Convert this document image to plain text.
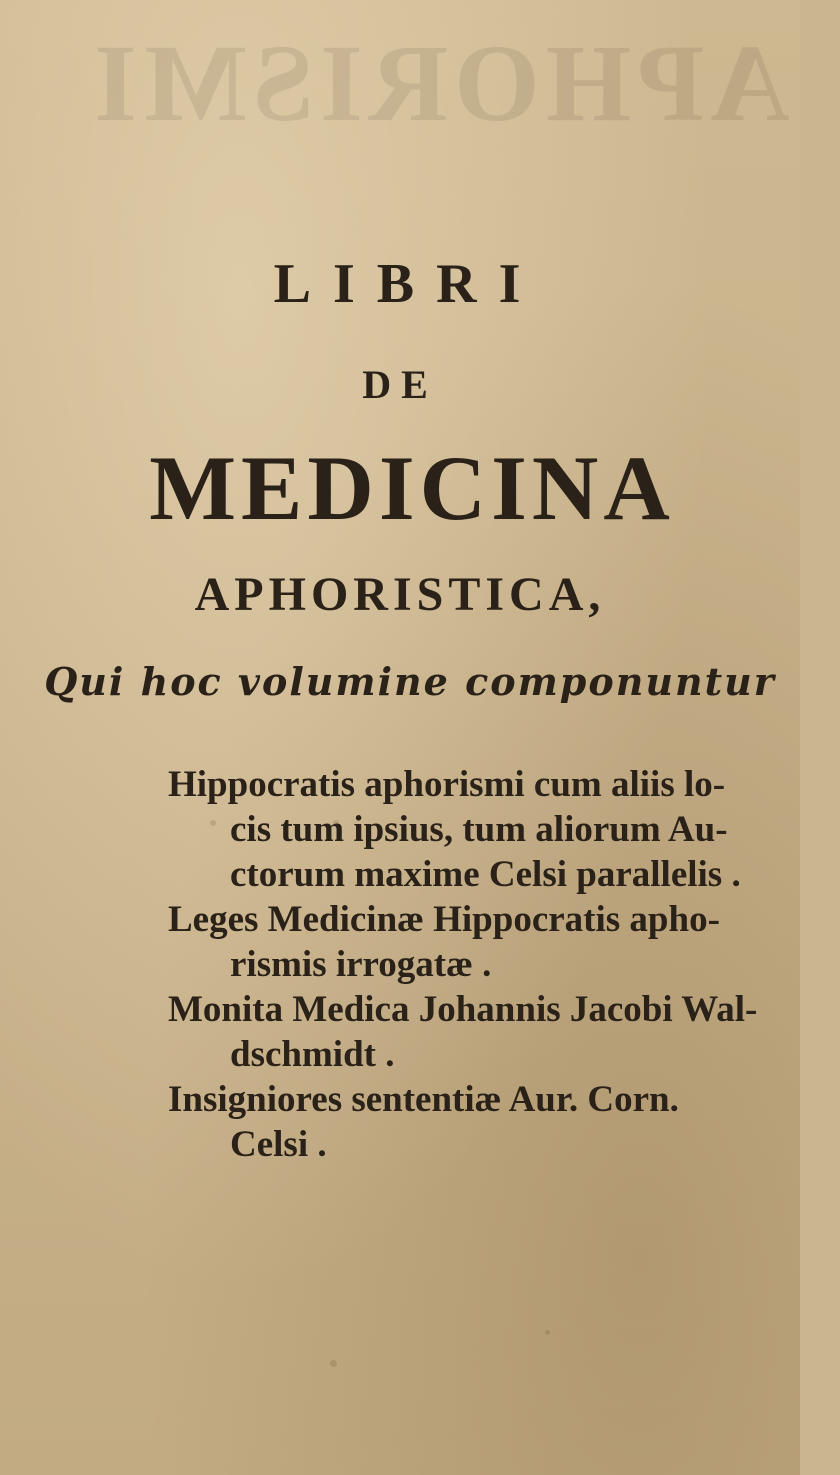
APHORISMI
LIBRI
DE
MEDICINA
APHORISTICA,
Qui hoc volumine componuntur

Hippocratis aphorismi cum aliis lo-
cis tum ipsius, tum aliorum Au-
ctorum maxime Celsi parallelis .

Leges Medicinæ Hippocratis apho-
rismis irrogatæ .

Monita Medica Johannis Jacobi Wal-
dschmidt .

Insigniores sententiæ Aur. Corn.
Celsi .
